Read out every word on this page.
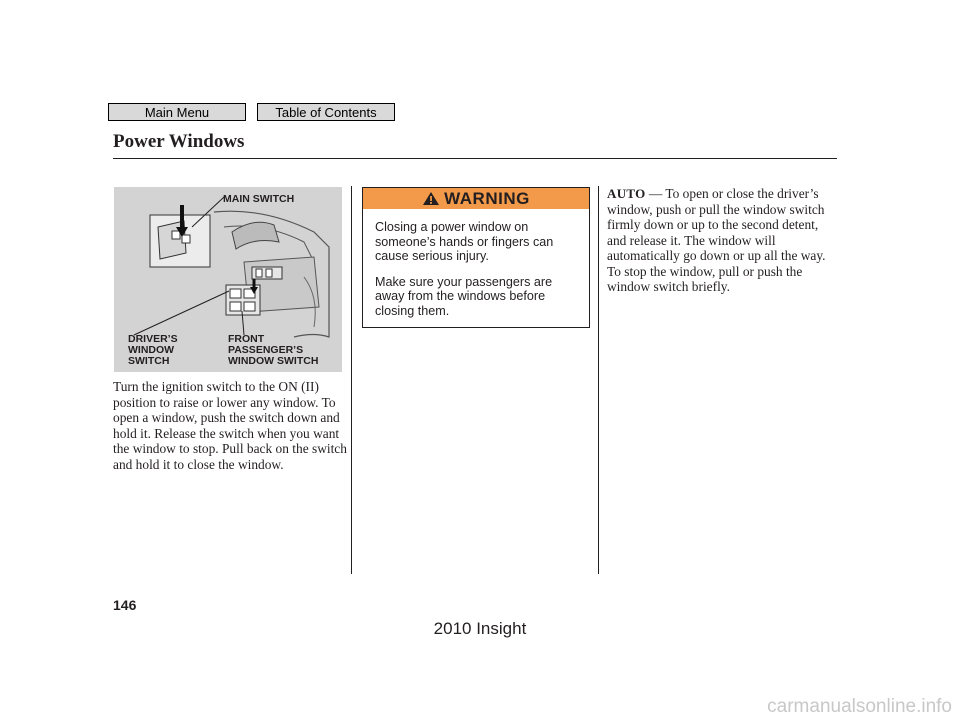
Main Menu	Table of Contents
Power Windows
MAIN SWITCH
DRIVER’S
WINDOW
SWITCH
FRONT
PASSENGER’S
WINDOW SWITCH
Turn the ignition switch to the ON (II) position to raise or lower any window. To open a window, push the switch down and hold it. Release the switch when you want the window to stop. Pull back on the switch and hold it to close the window.
WARNING

Closing a power window on someone’s hands or fingers can cause serious injury.

Make sure your passengers are away from the windows before closing them.

AUTO — To open or close the driver’s window, push or pull the window switch firmly down or up to the second detent, and release it. The window will automatically go down or up all the way. To stop the window, pull or push the window switch briefly.
146
2010 Insight
carmanualsonline.info
